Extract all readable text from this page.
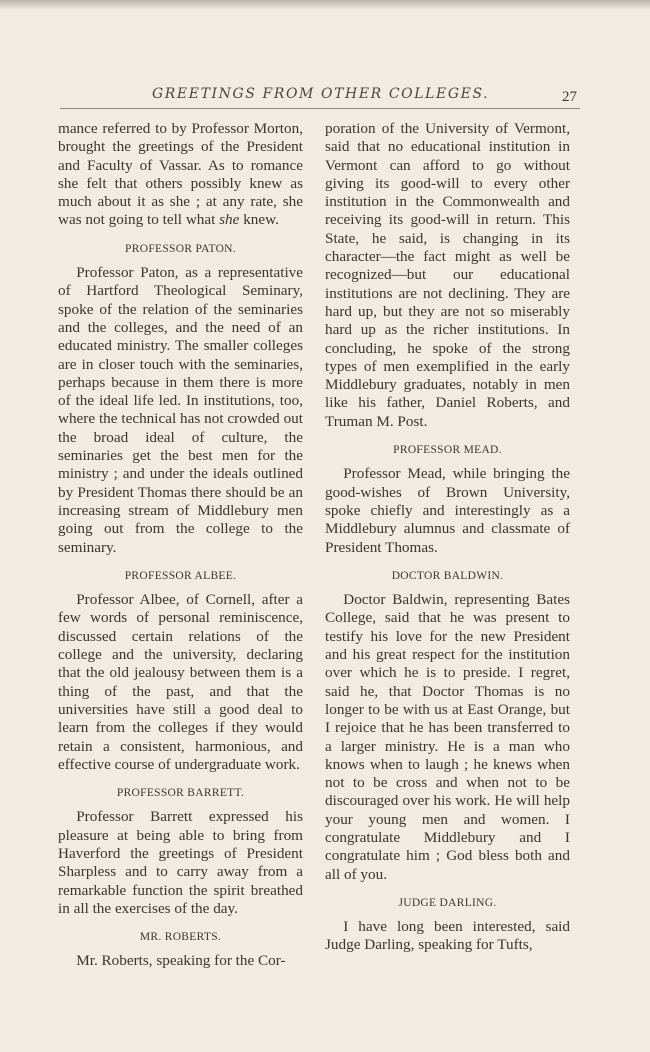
GREETINGS FROM OTHER COLLEGES.	27

mance referred to by Professor Morton, brought the greetings of the President and Faculty of Vassar. As to romance she felt that others possibly knew as much about it as she ; at any rate, she was not going to tell what she knew.

PROFESSOR PATON.

Professor Paton, as a representative of Hartford Theological Seminary, spoke of the relation of the seminaries and the colleges, and the need of an educated ministry. The smaller colleges are in closer touch with the seminaries, perhaps because in them there is more of the ideal life led. In institutions, too, where the technical has not crowded out the broad ideal of culture, the seminaries get the best men for the ministry ; and under the ideals outlined by President Thomas there should be an increasing stream of Middlebury men going out from the college to the seminary.

PROFESSOR ALBEE.

Professor Albee, of Cornell, after a few words of personal reminiscence, discussed certain relations of the college and the university, declaring that the old jealousy between them is a thing of the past, and that the universities have still a good deal to learn from the colleges if they would retain a consistent, harmonious, and effective course of undergraduate work.

PROFESSOR BARRETT.

Professor Barrett expressed his pleasure at being able to bring from Haverford the greetings of President Sharpless and to carry away from a remarkable function the spirit breathed in all the exercises of the day.

MR. ROBERTS.

Mr. Roberts, speaking for the Cor-

poration of the University of Vermont, said that no educational institution in Vermont can afford to go without giving its good-will to every other institution in the Commonwealth and receiving its good-will in return. This State, he said, is changing in its character—the fact might as well be recognized—but our educational institutions are not declining. They are hard up, but they are not so miserably hard up as the richer institutions. In concluding, he spoke of the strong types of men exemplified in the early Middlebury graduates, notably in men like his father, Daniel Roberts, and Truman M. Post.

PROFESSOR MEAD.

Professor Mead, while bringing the good-wishes of Brown University, spoke chiefly and interestingly as a Middlebury alumnus and classmate of President Thomas.

DOCTOR BALDWIN.

Doctor Baldwin, representing Bates College, said that he was present to testify his love for the new President and his great respect for the institution over which he is to preside. I regret, said he, that Doctor Thomas is no longer to be with us at East Orange, but I rejoice that he has been transferred to a larger ministry. He is a man who knows when to laugh ; he knews when not to be cross and when not to be discouraged over his work. He will help your young men and women. I congratulate Middlebury and I congratulate him ; God bless both and all of you.

JUDGE DARLING.

I have long been interested, said Judge Darling, speaking for Tufts,
